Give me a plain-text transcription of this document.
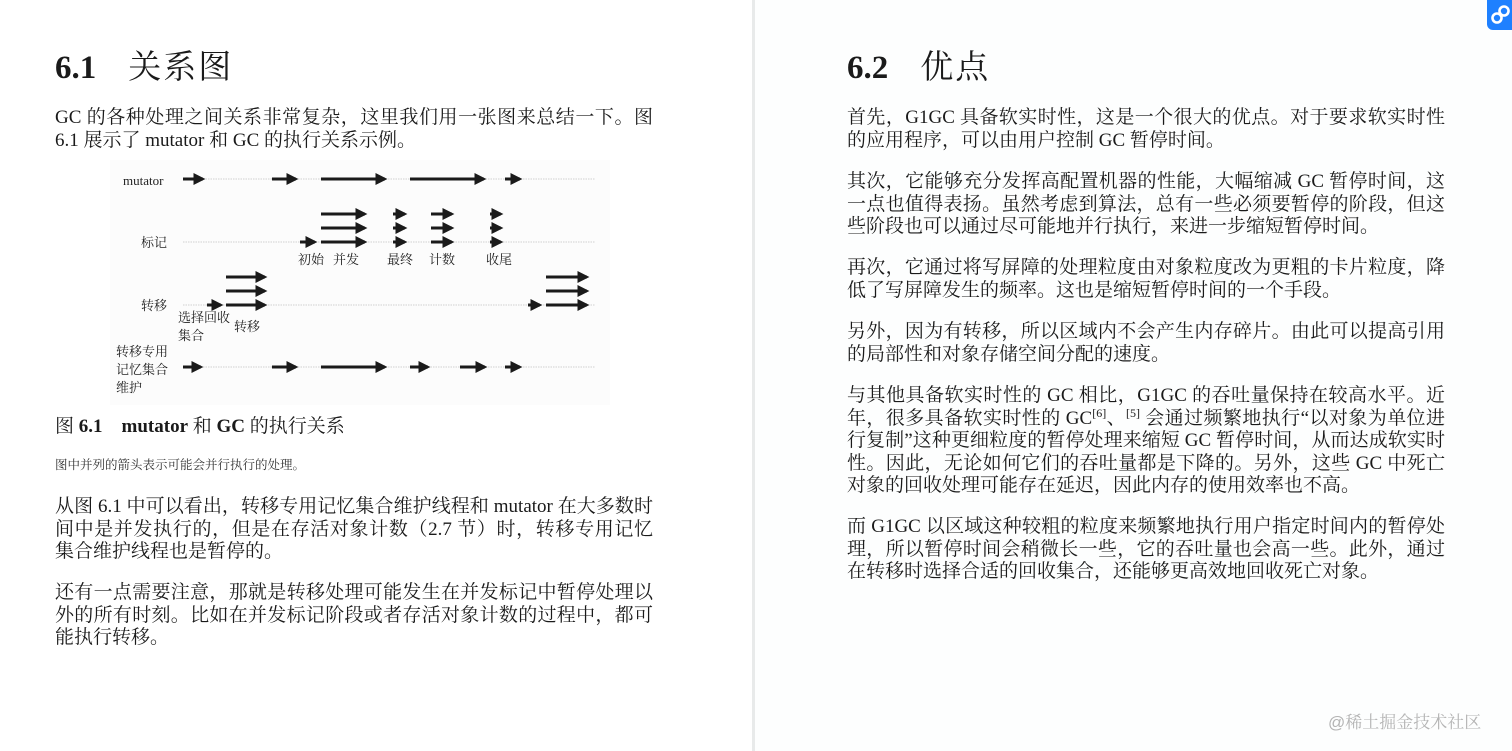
6.1 关系图

GC 的各种处理之间关系非常复杂，这里我们用一张图来总结一下。图 6.1 展示了 mutator 和 GC 的执行关系示例。

mutator
标记
转移
转移专用
记忆集合
维护
初始 并发 最终 计数 收尾
选择回收
集合
转移
图 6.1 mutator 和 GC 的执行关系
图中并列的箭头表示可能会并行执行的处理。

从图 6.1 中可以看出，转移专用记忆集合维护线程和 mutator 在大多数时间中是并发执行的，但是在存活对象计数（2.7 节）时，转移专用记忆集合维护线程也是暂停的。

还有一点需要注意，那就是转移处理可能发生在并发标记中暂停处理以外的所有时刻。比如在并发标记阶段或者存活对象计数的过程中，都可能执行转移。

6.2 优点

首先，G1GC 具备软实时性，这是一个很大的优点。对于要求软实时性的应用程序，可以由用户控制 GC 暂停时间。

其次，它能够充分发挥高配置机器的性能，大幅缩减 GC 暂停时间，这一点也值得表扬。虽然考虑到算法，总有一些必须要暂停的阶段，但这些阶段也可以通过尽可能地并行执行，来进一步缩短暂停时间。

再次，它通过将写屏障的处理粒度由对象粒度改为更粗的卡片粒度，降低了写屏障发生的频率。这也是缩短暂停时间的一个手段。

另外，因为有转移，所以区域内不会产生内存碎片。由此可以提高引用的局部性和对象存储空间分配的速度。

与其他具备软实时性的 GC 相比，G1GC 的吞吐量保持在较高水平。近年，很多具备软实时性的 GC[6]、[5] 会通过频繁地执行“以对象为单位进行复制”这种更细粒度的暂停处理来缩短 GC 暂停时间，从而达成软实时性。因此，无论如何它们的吞吐量都是下降的。另外，这些 GC 中死亡对象的回收处理可能存在延迟，因此内存的使用效率也不高。

而 G1GC 以区域这种较粗的粒度来频繁地执行用户指定时间内的暂停处理，所以暂停时间会稍微长一些，它的吞吐量也会高一些。此外，通过在转移时选择合适的回收集合，还能够更高效地回收死亡对象。

@稀土掘金技术社区
